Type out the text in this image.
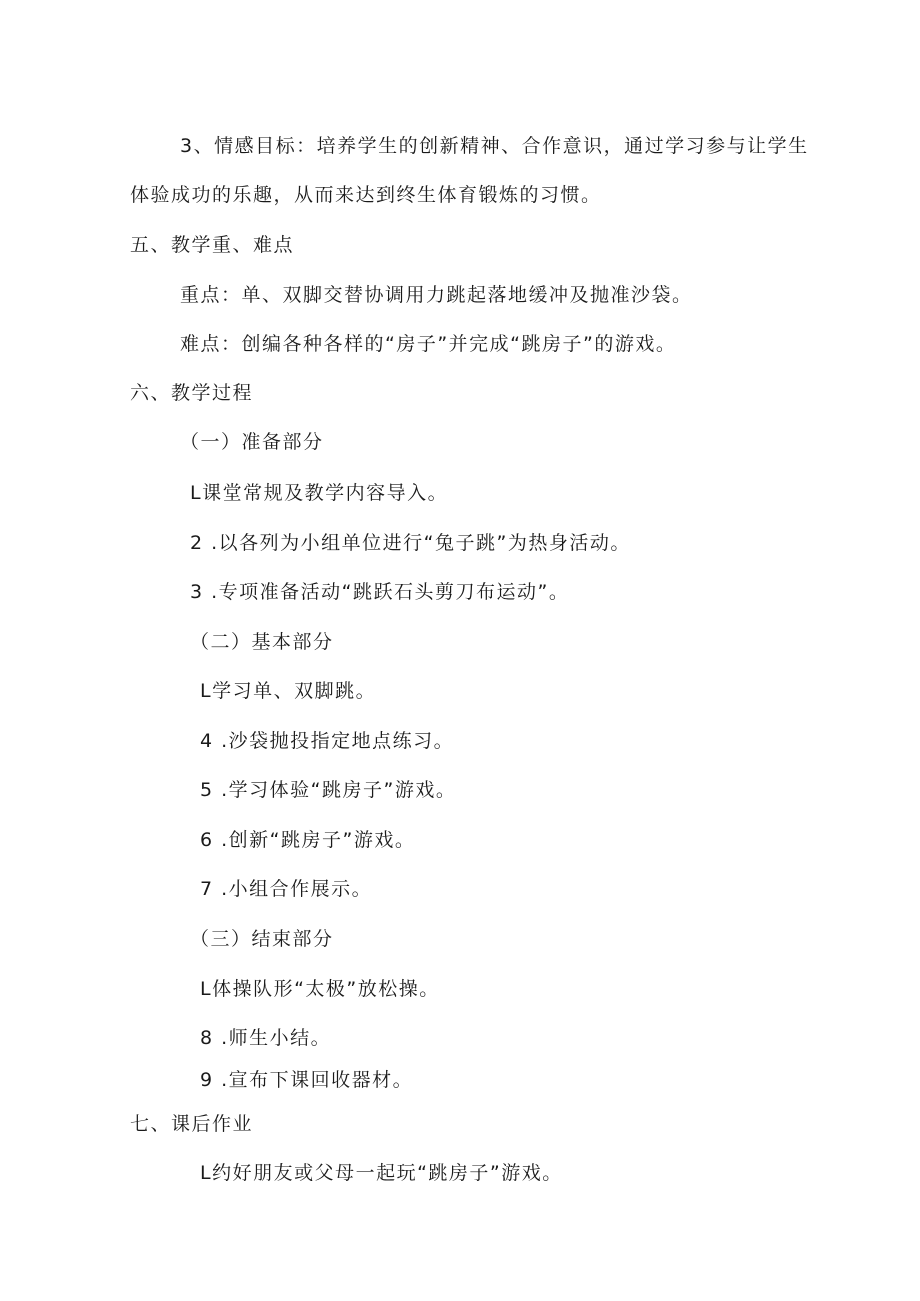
3、情感目标：培养学生的创新精神、合作意识，通过学习参与让学生
体验成功的乐趣，从而来达到终生体育锻炼的习惯。
五、教学重、难点
重点：单、双脚交替协调用力跳起落地缓冲及抛准沙袋。
难点：创编各种各样的“房子”并完成“跳房子”的游戏。
六、教学过程
（一）准备部分
L课堂常规及教学内容导入。
2 .以各列为小组单位进行“兔子跳”为热身活动。
3 .专项准备活动“跳跃石头剪刀布运动”。
（二）基本部分
L学习单、双脚跳。
4 .沙袋抛投指定地点练习。
5 .学习体验“跳房子”游戏。
6 .创新“跳房子”游戏。
7 .小组合作展示。
（三）结束部分
L体操队形“太极”放松操。
8 .师生小结。
9 .宣布下课回收器材。
七、课后作业
L约好朋友或父母一起玩“跳房子”游戏。
